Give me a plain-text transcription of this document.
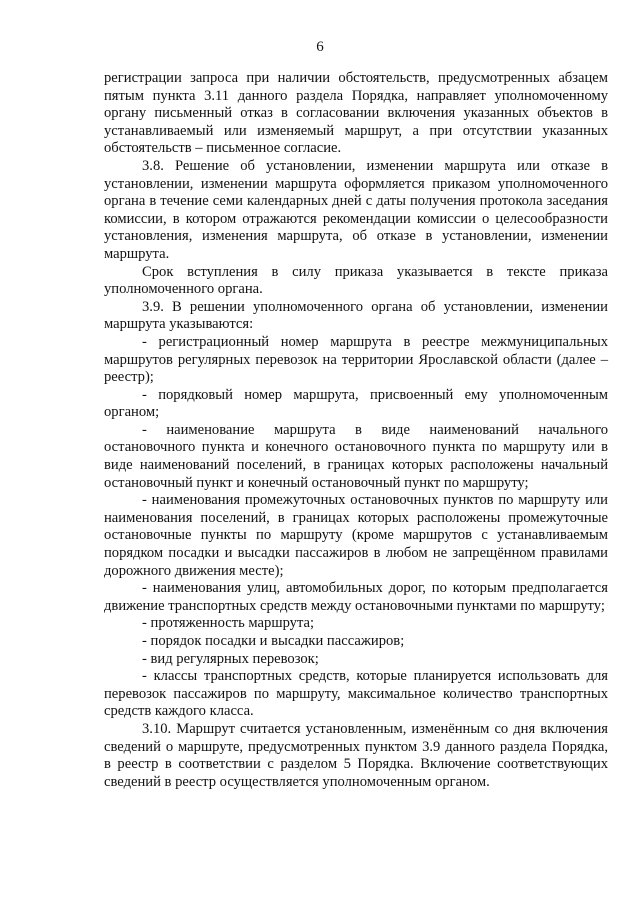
6

регистрации запроса при наличии обстоятельств, предусмотренных абзацем пятым пункта 3.11 данного раздела Порядка, направляет уполномоченному органу письменный отказ в согласовании включения указанных объектов в устанавливаемый или изменяемый маршрут, а при отсутствии указанных обстоятельств – письменное согласие.

3.8. Решение об установлении, изменении маршрута или отказе в установлении, изменении маршрута оформляется приказом уполномоченного органа в течение семи календарных дней с даты получения протокола заседания комиссии, в котором отражаются рекомендации комиссии о целесообразности установления, изменения маршрута, об отказе в установлении, изменении маршрута.

Срок вступления в силу приказа указывается в тексте приказа уполномоченного органа.

3.9. В решении уполномоченного органа об установлении, изменении маршрута указываются:

- регистрационный номер маршрута в реестре межмуниципальных маршрутов регулярных перевозок на территории Ярославской области (далее – реестр);

- порядковый номер маршрута, присвоенный ему уполномоченным органом;

- наименование маршрута в виде наименований начального остановочного пункта и конечного остановочного пункта по маршруту или в виде наименований поселений, в границах которых расположены начальный остановочный пункт и конечный остановочный пункт по маршруту;

- наименования промежуточных остановочных пунктов по маршруту или наименования поселений, в границах которых расположены промежуточные остановочные пункты по маршруту (кроме маршрутов с устанавливаемым порядком посадки и высадки пассажиров в любом не запрещённом правилами дорожного движения месте);

- наименования улиц, автомобильных дорог, по которым предполагается движение транспортных средств между остановочными пунктами по маршруту;

- протяженность маршрута;

- порядок посадки и высадки пассажиров;

- вид регулярных перевозок;

- классы транспортных средств, которые планируется использовать для перевозок пассажиров по маршруту, максимальное количество транспортных средств каждого класса.

3.10. Маршрут считается установленным, изменённым со дня включения сведений о маршруте, предусмотренных пунктом 3.9 данного раздела Порядка, в реестр в соответствии с разделом 5 Порядка. Включение соответствующих сведений в реестр осуществляется уполномоченным органом.
